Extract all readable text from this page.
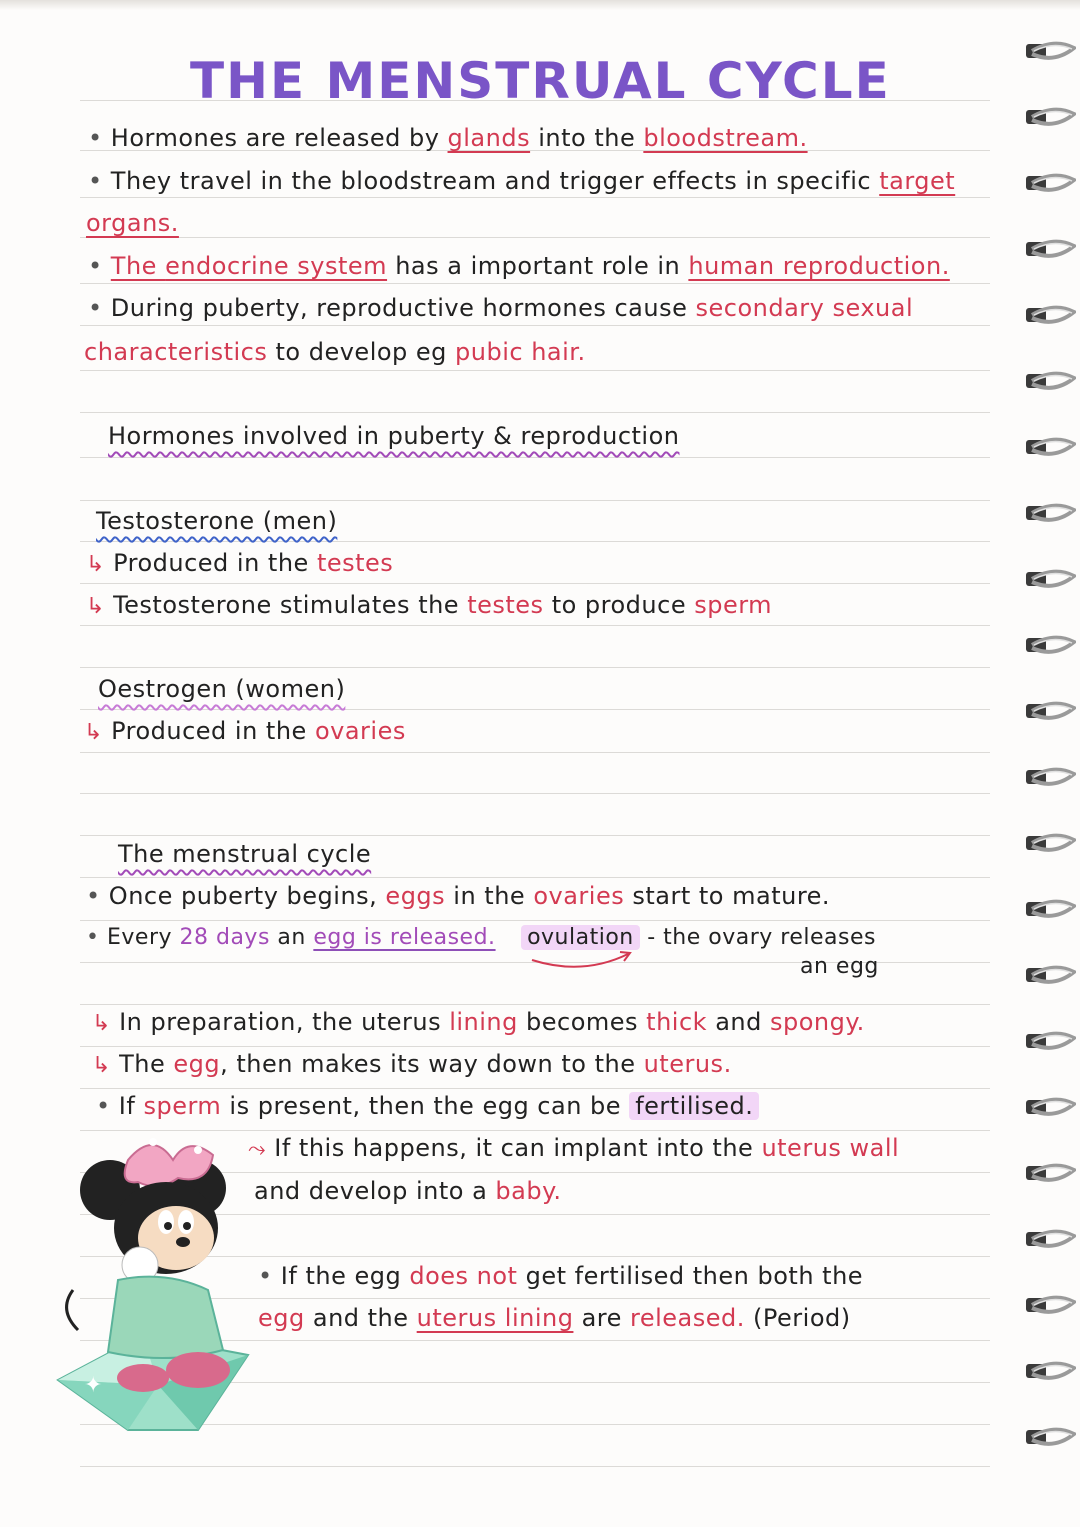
THE MENSTRUAL CYCLE
• Hormones are released by glands into the bloodstream.
• They travel in the bloodstream and trigger effects in specific target
organs.
• The endocrine system has a important role in human reproduction.
• During puberty, reproductive hormones cause secondary sexual
characteristics to develop eg pubic hair.
Hormones involved in puberty & reproduction
Testosterone (men)
↳ Produced in the testes
↳ Testosterone stimulates the testes to produce sperm
Oestrogen (women)
↳ Produced in the ovaries
The menstrual cycle
• Once puberty begins, eggs in the ovaries start to mature.
• Every 28 days an egg is released. ovulation - the ovary releases
an egg
↳ In preparation, the uterus lining becomes thick and spongy.
↳ The egg, then makes its way down to the uterus.
• If sperm is present, then the egg can be fertilised.
⤳ If this happens, it can implant into the uterus wall
and develop into a baby.
• If the egg does not get fertilised then both the
egg and the uterus lining are released. (Period)
✦
